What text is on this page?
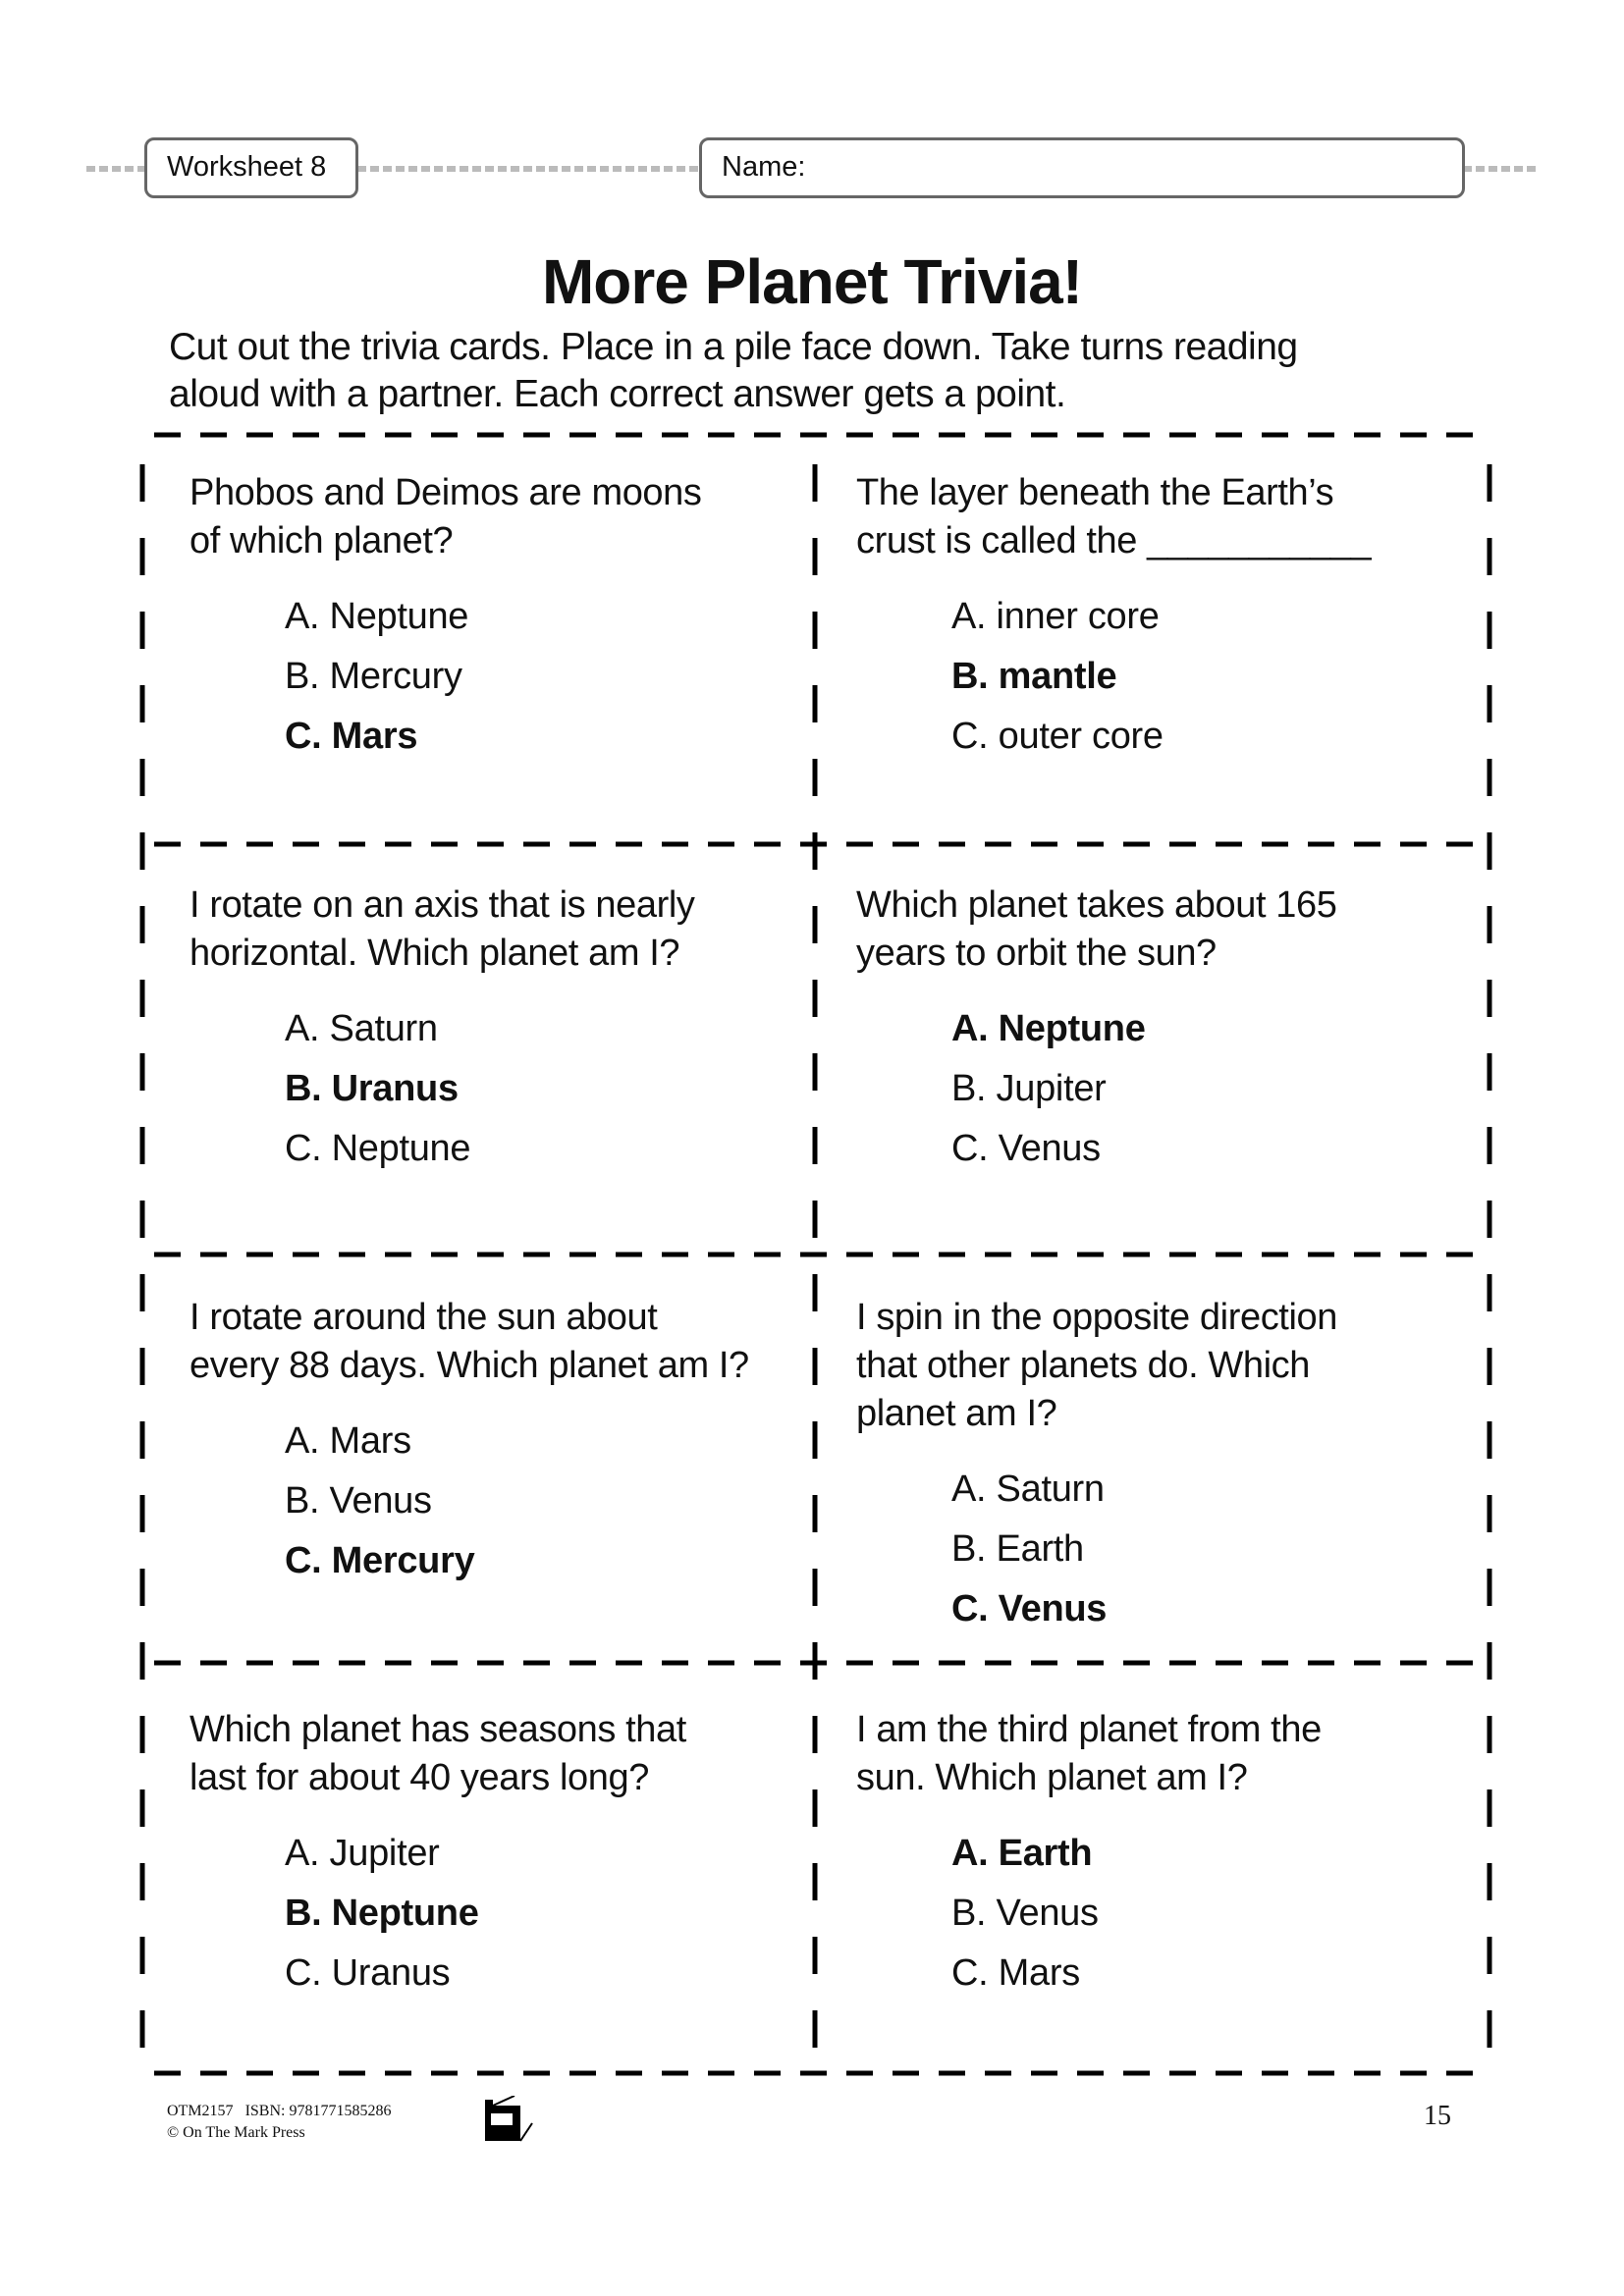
Worksheet 8	Name:
More Planet Trivia!
Cut out the trivia cards. Place in a pile face down. Take turns reading
aloud with a partner. Each correct answer gets a point.
Phobos and Deimos are moons
of which planet?
A. Neptune
B. Mercury
C. Mars
The layer beneath the Earth’s
crust is called the ___________
A. inner core
B. mantle
C. outer core
I rotate on an axis that is nearly
horizontal. Which planet am I?
A. Saturn
B. Uranus
C. Neptune
Which planet takes about 165
years to orbit the sun?
A. Neptune
B. Jupiter
C. Venus
I rotate around the sun about
every 88 days. Which planet am I?
A. Mars
B. Venus
C. Mercury
I spin in the opposite direction
that other planets do. Which
planet am I?
A. Saturn
B. Earth
C. Venus
Which planet has seasons that
last for about 40 years long?
A. Jupiter
B. Neptune
C. Uranus
I am the third planet from the
sun. Which planet am I?
A. Earth
B. Venus
C. Mars
OTM2157 ISBN: 9781771585286
© On The Mark Press
15
